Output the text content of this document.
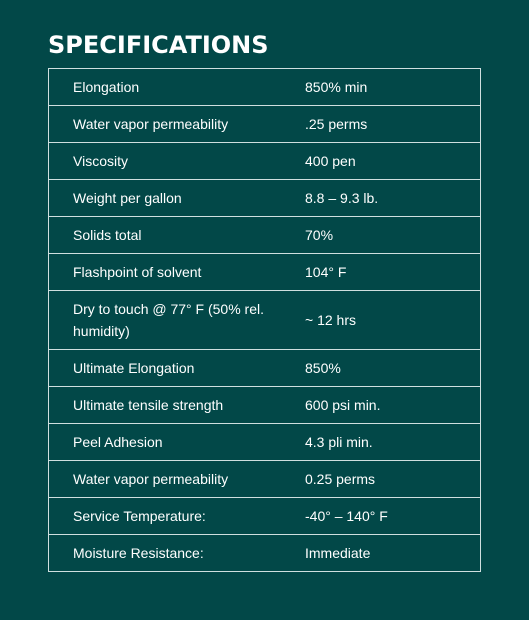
SPECIFICATIONS
Elongation	850% min
Water vapor permeability	.25 perms
Viscosity	400 pen
Weight per gallon	8.8 – 9.3 lb.
Solids total	70%
Flashpoint of solvent	104° F
Dry to touch @ 77° F (50% rel. humidity)	~ 12 hrs
Ultimate Elongation	850%
Ultimate tensile strength	600 psi min.
Peel Adhesion	4.3 pli min.
Water vapor permeability	0.25 perms
Service Temperature:	-40° – 140° F
Moisture Resistance:	Immediate
